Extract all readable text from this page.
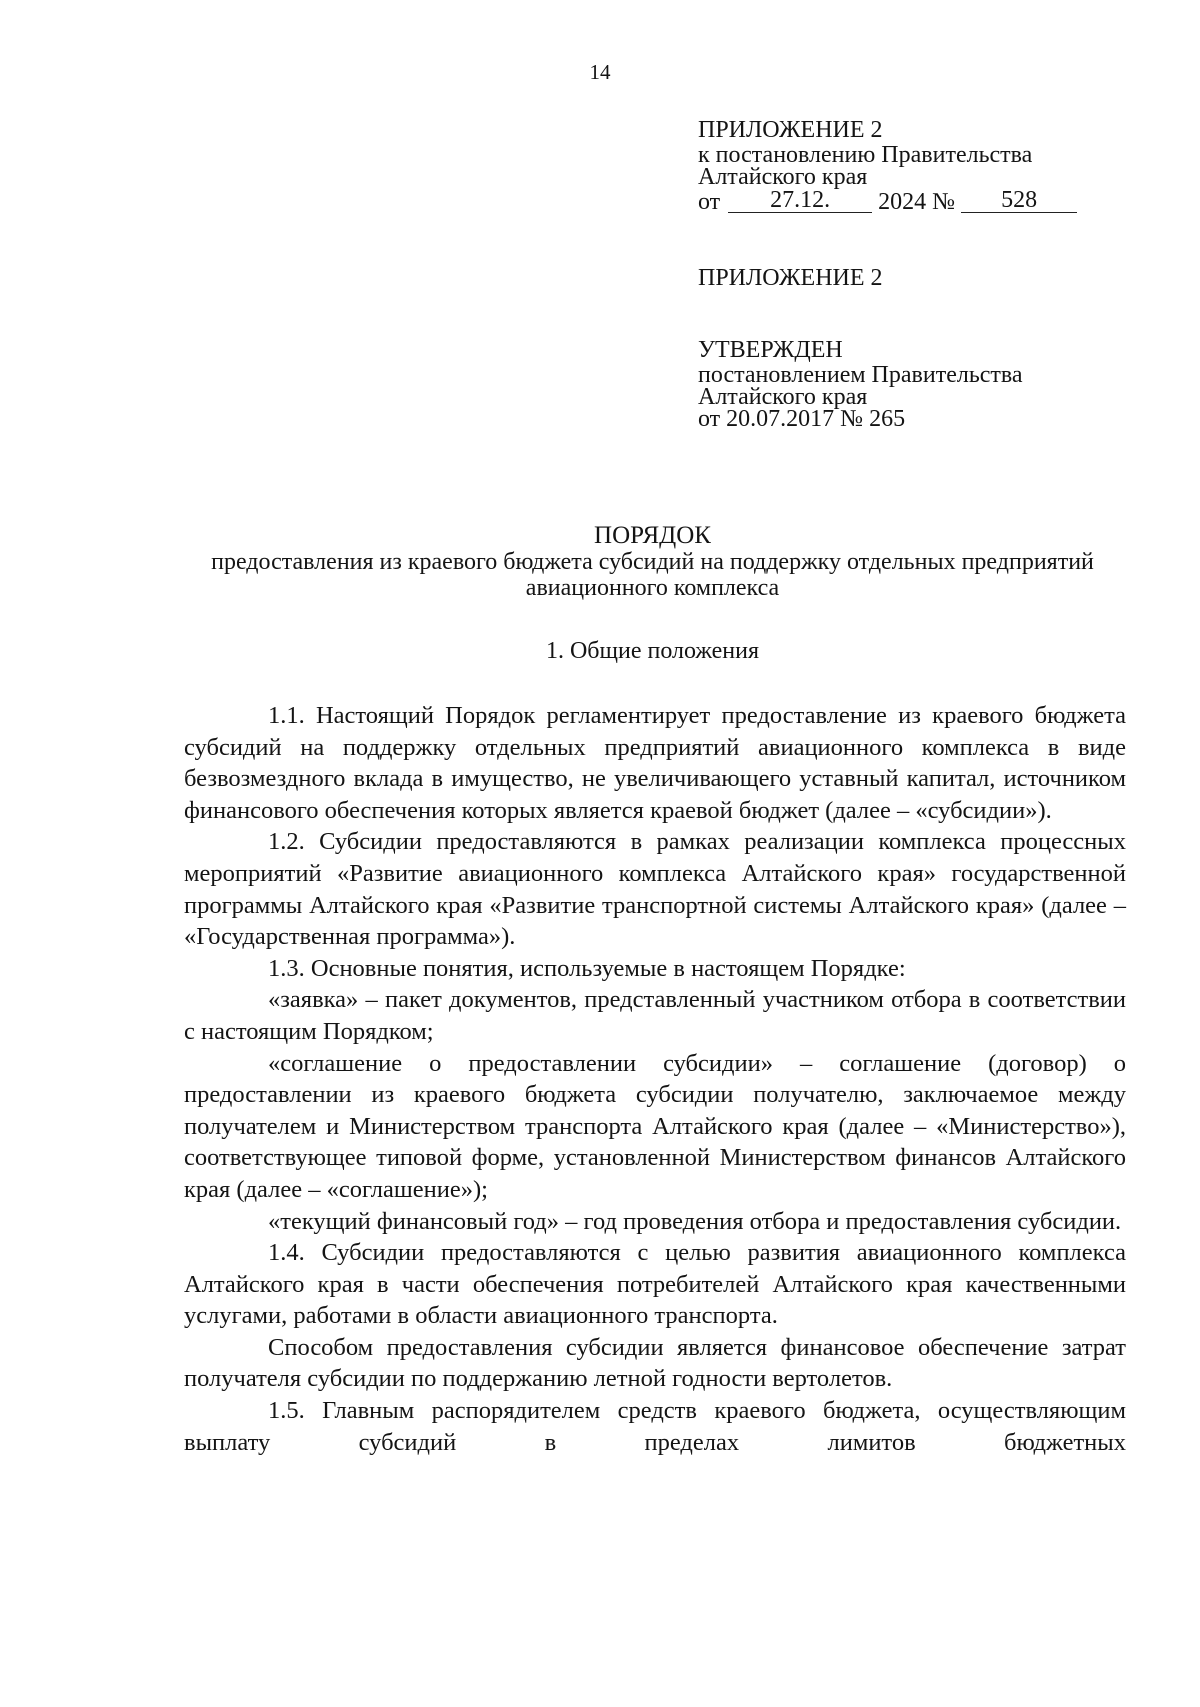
14
ПРИЛОЖЕНИЕ 2
к постановлению Правительства
Алтайского края
от	27.12.	2024 №	528
ПРИЛОЖЕНИЕ 2
УТВЕРЖДЕН
постановлением Правительства
Алтайского края
от 20.07.2017 № 265
ПОРЯДОК
предоставления из краевого бюджета субсидий на поддержку отдельных предприятий авиационного комплекса
1. Общие положения

1.1. Настоящий Порядок регламентирует предоставление из краевого бюджета субсидий на поддержку отдельных предприятий авиационного комплекса в виде безвозмездного вклада в имущество, не увеличивающего уставный капитал, источником финансового обеспечения которых является краевой бюджет (далее – «субсидии»).

1.2. Субсидии предоставляются в рамках реализации комплекса процессных мероприятий «Развитие авиационного комплекса Алтайского края» государственной программы Алтайского края «Развитие транспортной системы Алтайского края» (далее – «Государственная программа»).

1.3. Основные понятия, используемые в настоящем Порядке:

«заявка» – пакет документов, представленный участником отбора в соответствии с настоящим Порядком;

«соглашение о предоставлении субсидии» – соглашение (договор) о предоставлении из краевого бюджета субсидии получателю, заключаемое между получателем и Министерством транспорта Алтайского края (далее – «Министерство»), соответствующее типовой форме, установленной Министерством финансов Алтайского края (далее – «соглашение»);

«текущий финансовый год» – год проведения отбора и предоставления субсидии.

1.4. Субсидии предоставляются с целью развития авиационного комплекса Алтайского края в части обеспечения потребителей Алтайского края качественными услугами, работами в области авиационного транспорта.

Способом предоставления субсидии является финансовое обеспечение затрат получателя субсидии по поддержанию летной годности вертолетов.

1.5. Главным распорядителем средств краевого бюджета, осуществляющим выплату субсидий в пределах лимитов бюджетных
